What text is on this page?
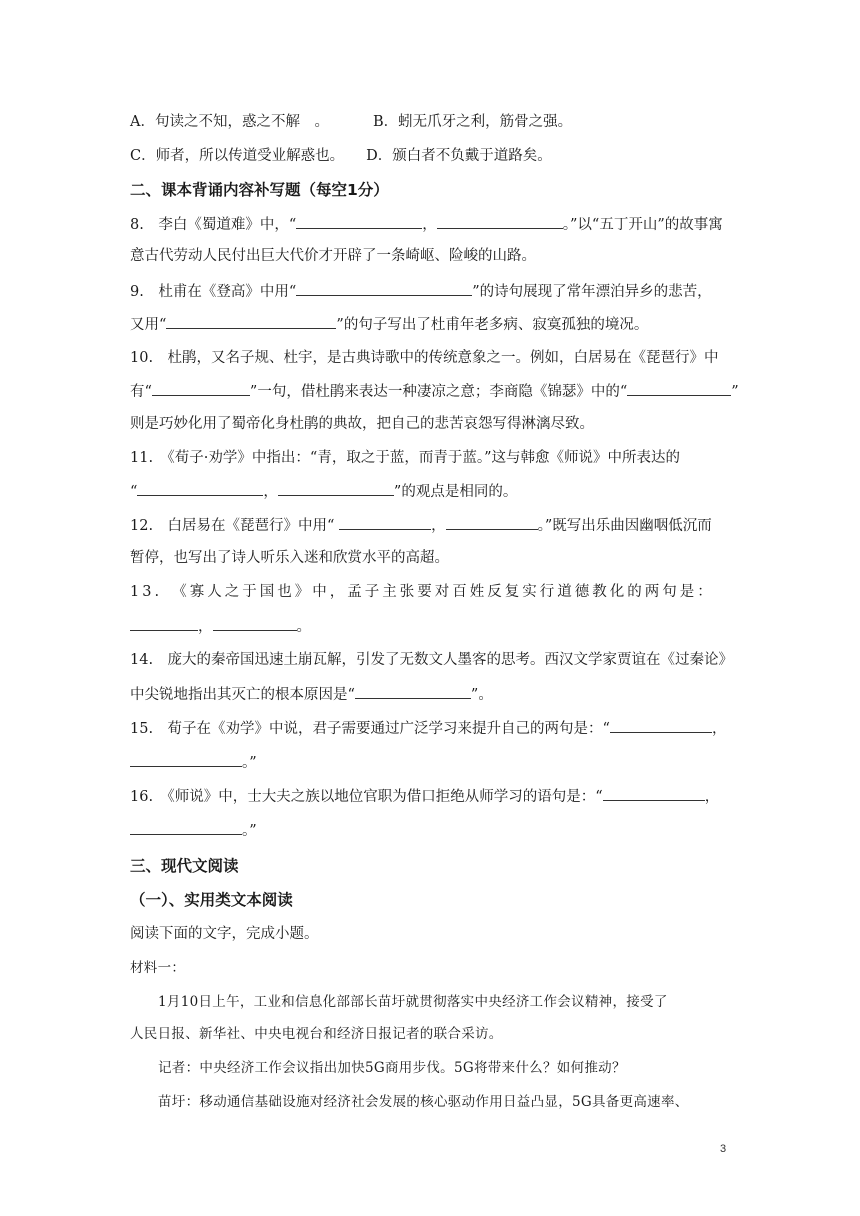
A．句读之不知，惑之不解　。	B．蚓无爪牙之利，筋骨之强。
C．师者，所以传道受业解惑也。 D．颁白者不负戴于道路矣。
二、课本背诵内容补写题（每空1分）
8.　李白《蜀道难》中，“	，	。”以“五丁开山”的故事寓
意古代劳动人民付出巨大代价才开辟了一条崎岖、险峻的山路。
9.　杜甫在《登高》中用“	”的诗句展现了常年漂泊异乡的悲苦，
又用“	”的句子写出了杜甫年老多病、寂寞孤独的境况。
10.　杜鹃，又名子规、杜宇，是古典诗歌中的传统意象之一。例如，白居易在《琵琶行》中
有“	”一句，借杜鹃来表达一种凄凉之意；李商隐《锦瑟》中的“	”
则是巧妙化用了蜀帝化身杜鹃的典故，把自己的悲苦哀怨写得淋漓尽致。
11.　《荀子·劝学》中指出：“青，取之于蓝，而青于蓝。”这与韩愈《师说》中所表达的
“	，	”的观点是相同的。
12.　白居易在《琵琶行》中用“	，	。”既写出乐曲因幽咽低沉而
暂停，也写出了诗人听乐入迷和欣赏水平的高超。
13.　《寡人之于国也》中，孟子主张要对百姓反复实行道德教化的两句是：
，	。
14.　庞大的秦帝国迅速土崩瓦解，引发了无数文人墨客的思考。西汉文学家贾谊在《过秦论》
中尖锐地指出其灭亡的根本原因是“	”。
15.　荀子在《劝学》中说，君子需要通过广泛学习来提升自己的两句是：“	，
。”
16.　《师说》中，士大夫之族以地位官职为借口拒绝从师学习的语句是：“	，
。”
三、现代文阅读
（一）、实用类文本阅读
阅读下面的文字，完成小题。
材料一：
1月10日上午，工业和信息化部部长苗圩就贯彻落实中央经济工作会议精神，接受了
人民日报、新华社、中央电视台和经济日报记者的联合采访。
记者：中央经济工作会议指出加快5G商用步伐。5G将带来什么？如何推动？
苗圩：移动通信基础设施对经济社会发展的核心驱动作用日益凸显，5G具备更高速率、
3
